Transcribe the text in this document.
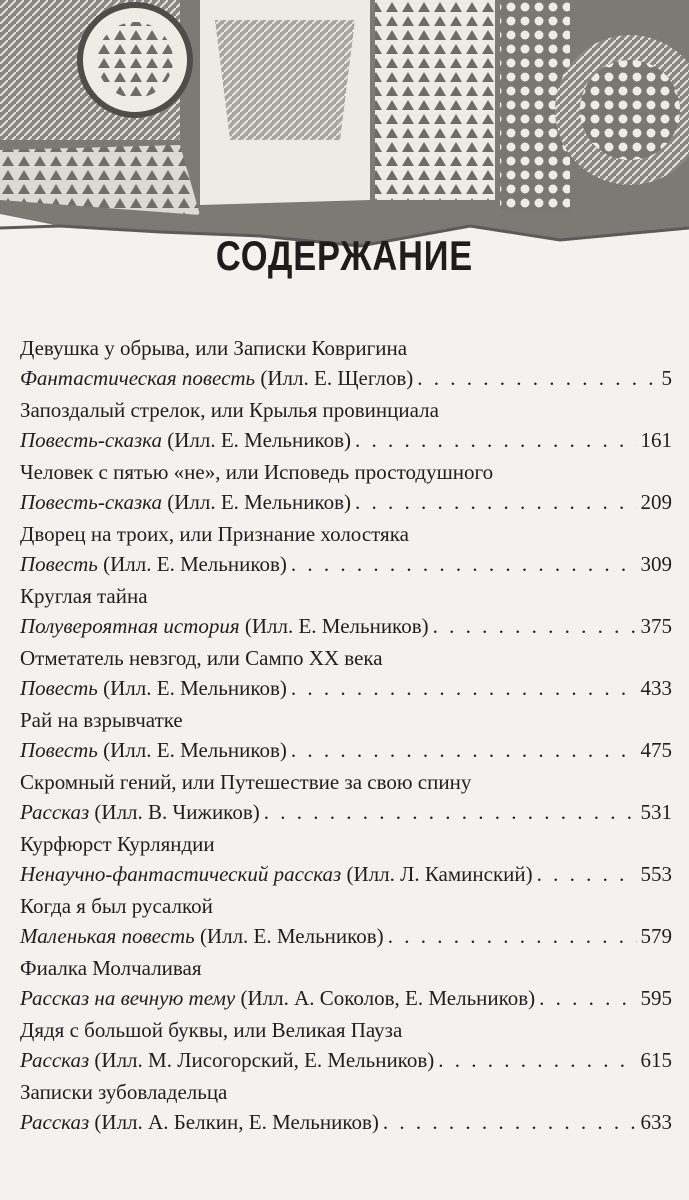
СОДЕРЖАНИЕ
Девушка у обрыва, или Записки Ковригина
Фантастическая повесть
(Илл. Е. Щеглов) . . .	5
Запоздалый стрелок, или Крылья провинциала
Повесть-сказка
(Илл. Е. Мельников) . . .	161
Человек с пятью «не», или Исповедь простодушного
Повесть-сказка
(Илл. Е. Мельников) . . .	209
Дворец на троих, или Признание холостяка
Повесть
(Илл. Е. Мельников) . . .	309
Круглая тайна
Полувероятная история
(Илл. Е. Мельников) . . .	375
Отметатель невзгод, или Сампо XX века
Повесть
(Илл. Е. Мельников) . . .	433
Рай на взрывчатке
Повесть
(Илл. Е. Мельников) . . .	475
Скромный гений, или Путешествие за свою спину
Рассказ
(Илл. В. Чижиков) . . .	531
Курфюрст Курляндии
Ненаучно-фантастический рассказ
(Илл. Л. Каминский) . . .	553
Когда я был русалкой
Маленькая повесть
(Илл. Е. Мельников) . . .	579
Фиалка Молчаливая
Рассказ на вечную тему
(Илл. А. Соколов, Е. Мельников) . . .	595
Дядя с большой буквы, или Великая Пауза
Рассказ
(Илл. М. Лисогорский, Е. Мельников) . . .	615
Записки зубовладельца
Рассказ
(Илл. А. Белкин, Е. Мельников) . . .	633
